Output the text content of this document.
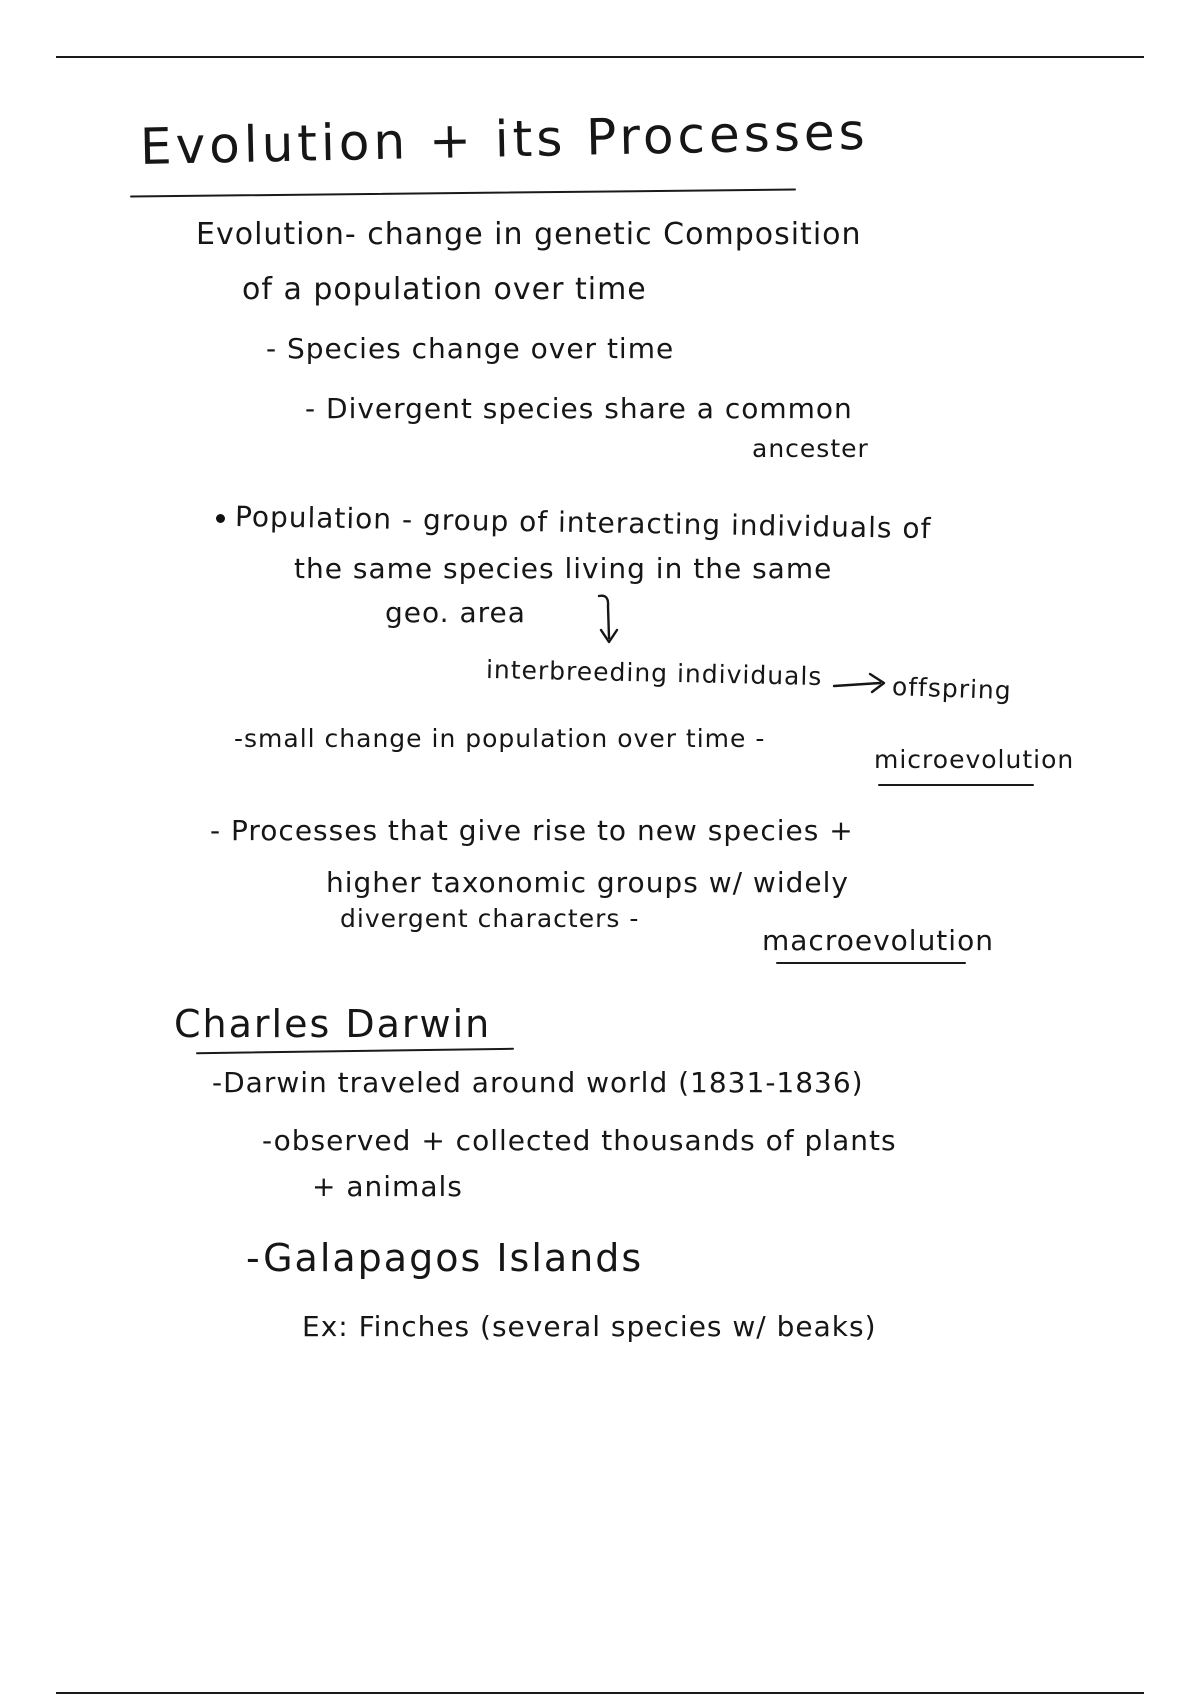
Evolution + its Processes
Evolution- change in genetic Composition
of a population over time
- Species change over time
- Divergent species share a common
ancester
Population - group of interacting individuals of
the same species living in the same
geo. area
interbreeding individuals	offspring
-small change in population over time -
microevolution
- Processes that give rise to new species +
higher taxonomic groups w/ widely
divergent characters -
macroevolution
Charles Darwin
-Darwin traveled around world (1831-1836)
-observed + collected thousands of plants
+ animals
-Galapagos Islands
Ex: Finches (several species w/ beaks)
